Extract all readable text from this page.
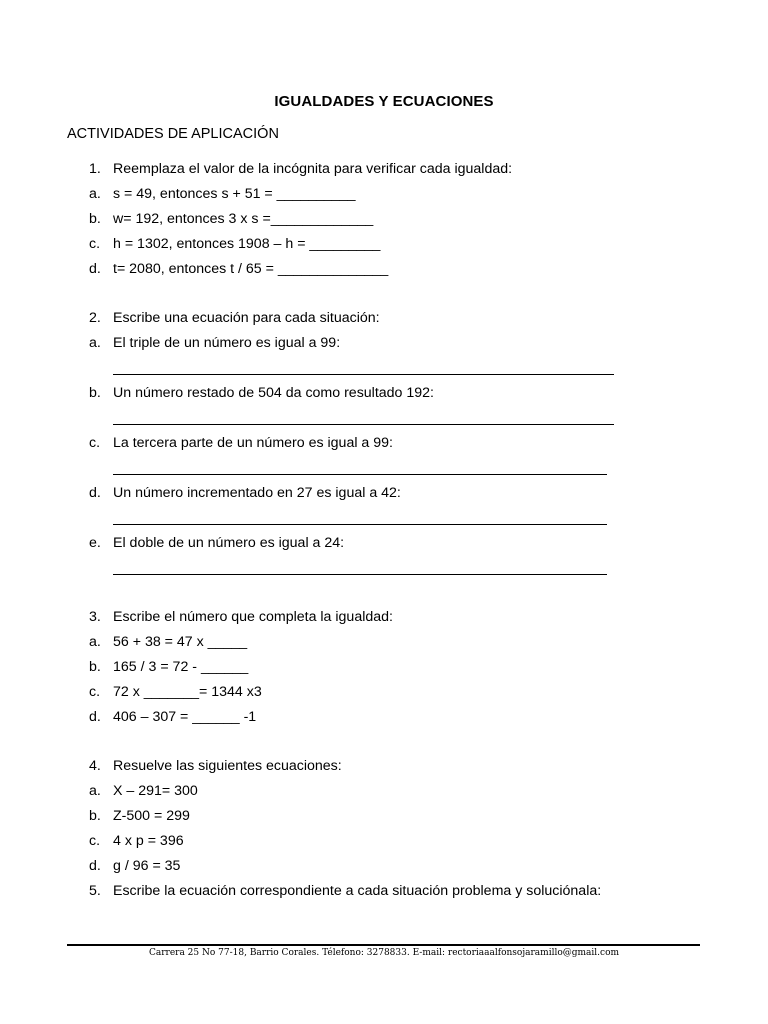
IGUALDADES Y ECUACIONES
ACTIVIDADES DE APLICACIÓN
1. Reemplaza el valor de la incógnita para verificar cada igualdad:
a. s = 49, entonces s + 51 = __________
b. w= 192, entonces 3 x s =_____________
c. h = 1302, entonces 1908 – h = _________
d. t= 2080, entonces t / 65 = ______________
2. Escribe una ecuación para cada situación:
a. El triple de un número es igual a 99:
b. Un número restado de 504 da como resultado 192:
c. La tercera parte de un número es igual a 99:
d. Un número incrementado en 27 es igual a 42:
e. El doble de un número es igual a 24:
3. Escribe el número que completa la igualdad:
a. 56 + 38 = 47 x _____
b. 165 / 3 = 72 - ______
c. 72 x _______= 1344 x3
d. 406 – 307 = ______ -1
4. Resuelve las siguientes ecuaciones:
a. X – 291= 300
b. Z-500 = 299
c. 4 x p = 396
d. g / 96 = 35
5. Escribe la ecuación correspondiente a cada situación problema y soluciónala:
Carrera 25 No 77-18, Barrio Corales. Télefono: 3278833. E-mail: rectoriaaalfonsojaramillo@gmail.com
